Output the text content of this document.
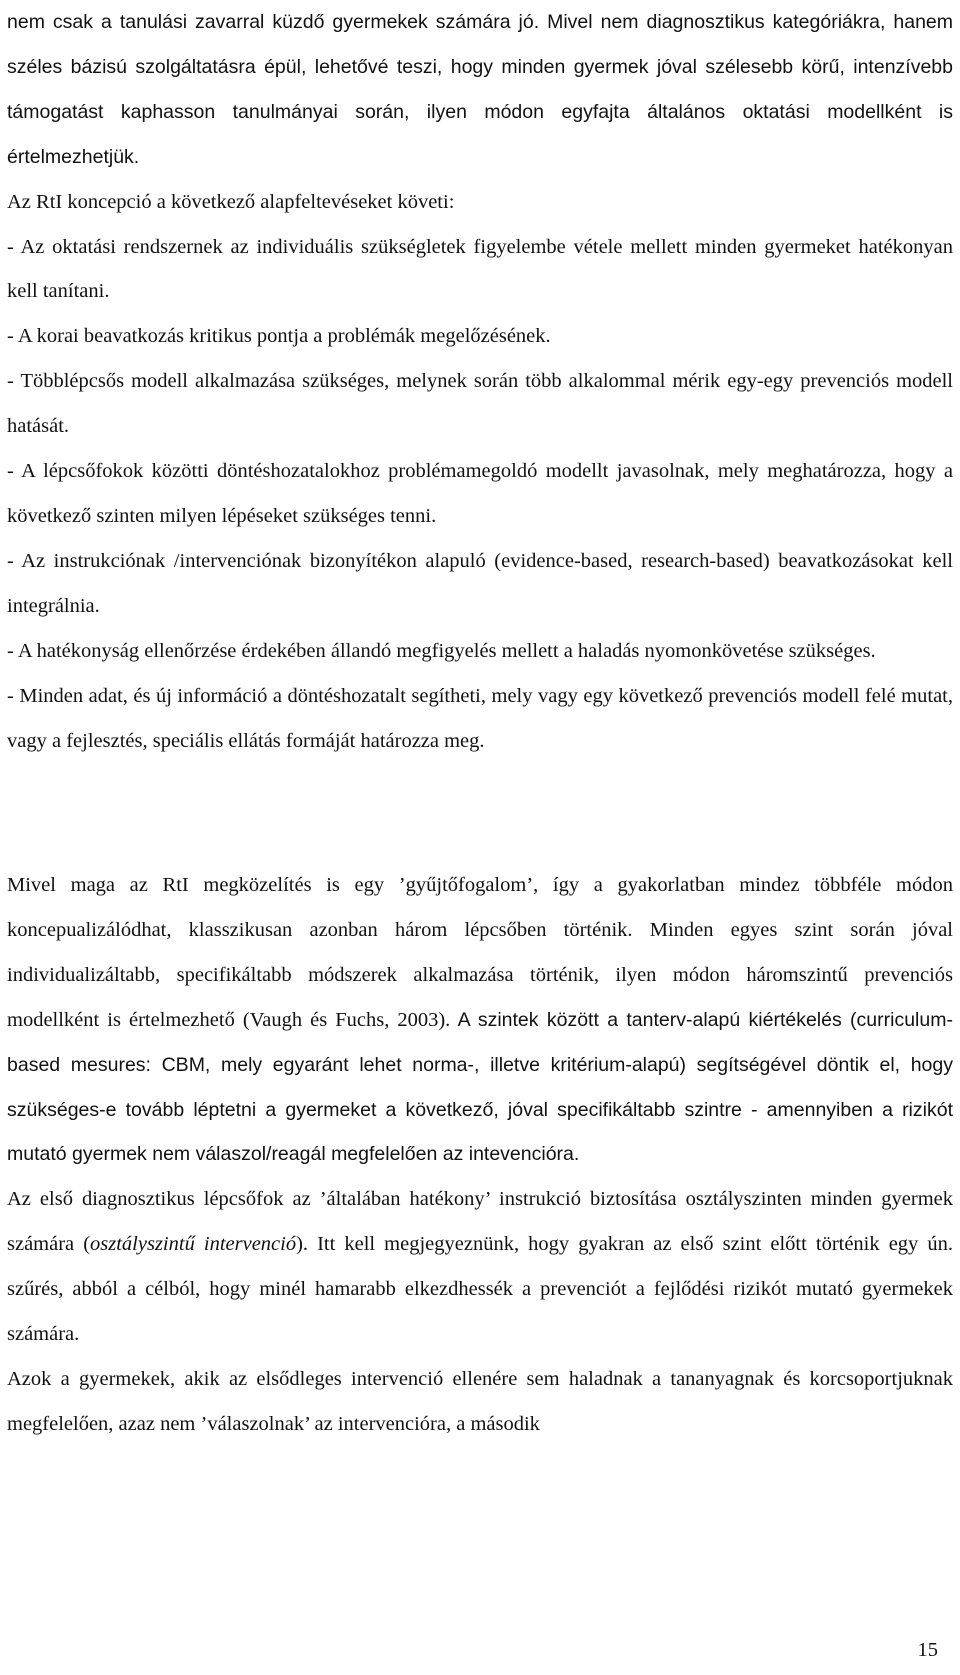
nem csak a tanulási zavarral küzdő gyermekek számára jó. Mivel nem diagnosztikus kategóriákra, hanem széles bázisú szolgáltatásra épül, lehetővé teszi, hogy minden gyermek jóval szélesebb körű, intenzívebb támogatást kaphasson tanulmányai során, ilyen módon egyfajta általános oktatási modellként is értelmezhetjük.

Az RtI koncepció a következő alapfeltevéseket követi:

- Az oktatási rendszernek az individuális szükségletek figyelembe vétele mellett minden gyermeket hatékonyan kell tanítani.

- A korai beavatkozás kritikus pontja a problémák megelőzésének.

- Többlépcsős modell alkalmazása szükséges, melynek során több alkalommal mérik egy-egy prevenciós modell hatását.

- A lépcsőfokok közötti döntéshozatalokhoz problémamegoldó modellt javasolnak, mely meghatározza, hogy a következő szinten milyen lépéseket szükséges tenni.

- Az instrukciónak /intervenciónak bizonyítékon alapuló (evidence-based, research-based) beavatkozásokat kell integrálnia.

- A hatékonyság ellenőrzése érdekében állandó megfigyelés mellett a haladás nyomonkövetése szükséges.

- Minden adat, és új információ a döntéshozatalt segítheti, mely vagy egy következő prevenciós modell felé mutat, vagy a fejlesztés, speciális ellátás formáját határozza meg.

Mivel maga az RtI megközelítés is egy ’gyűjtőfogalom’, így a gyakorlatban mindez többféle módon koncepualizálódhat, klasszikusan azonban három lépcsőben történik. Minden egyes szint során jóval individualizáltabb, specifikáltabb módszerek alkalmazása történik, ilyen módon háromszintű prevenciós modellként is értelmezhető (Vaugh és Fuchs, 2003). A szintek között a tanterv-alapú kiértékelés (curriculum-based mesures: CBM, mely egyaránt lehet norma-, illetve kritérium-alapú) segítségével döntik el, hogy szükséges-e tovább léptetni a gyermeket a következő, jóval specifikáltabb szintre - amennyiben a rizikót mutató gyermek nem válaszol/reagál megfelelően az intevencióra.

Az első diagnosztikus lépcsőfok az ’általában hatékony’ instrukció biztosítása osztályszinten minden gyermek számára (osztályszintű intervenció). Itt kell megjegyeznünk, hogy gyakran az első szint előtt történik egy ún. szűrés, abból a célból, hogy minél hamarabb elkezdhessék a prevenciót a fejlődési rizikót mutató gyermekek számára.

Azok a gyermekek, akik az elsődleges intervenció ellenére sem haladnak a tananyagnak és korcsoportjuknak megfelelően, azaz nem ’válaszolnak’ az intervencióra, a második

15
